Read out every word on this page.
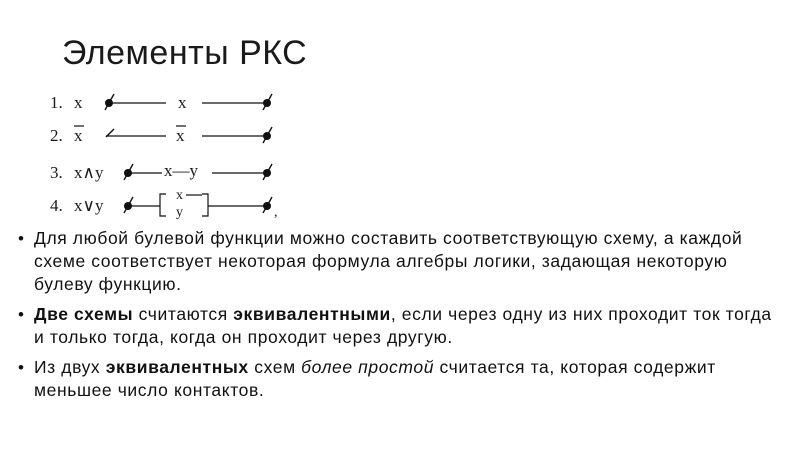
Элементы РКС
1. x	x
2. x	x
3. x∧y	x—y
4. x∨y
x
y	,
• Для любой булевой функции можно составить соответствующую схему, а каждой схеме соответствует некоторая формула алгебры логики, задающая некоторую булеву функцию.
• Две схемы считаются эквивалентными, если через одну из них проходит ток тогда и только тогда, когда он проходит через другую.
• Из двух эквивалентных схем более простой считается та, которая содержит меньшее число контактов.
